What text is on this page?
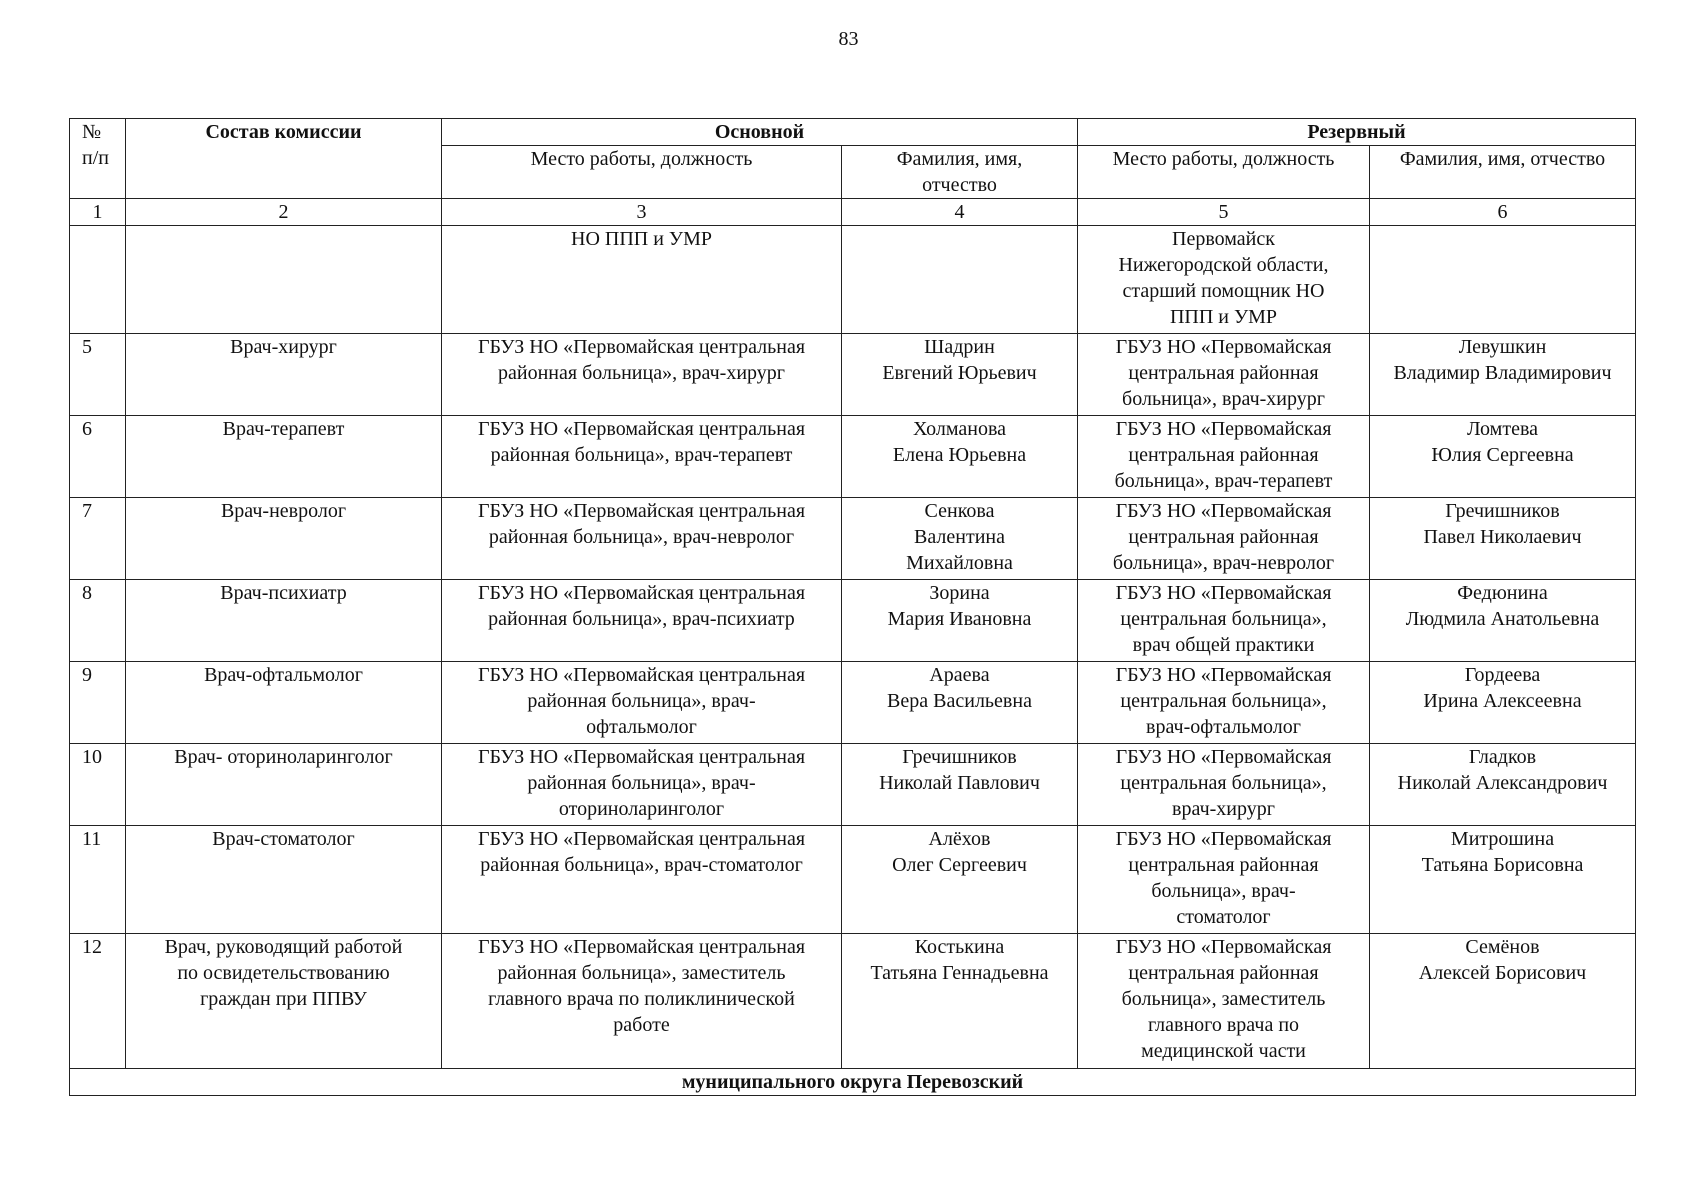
83
№
п/п	Состав комиссии	Основной		Резервный	
		Место работы, должность	Фамилия, имя,
отчество	Место работы, должность	Фамилия, имя, отчество
1	2	3	4	5	6
		НО ППП и УМР		Первомайск
Нижегородской области,
старший помощник НО
ППП и УМР	

5	Врач-хирург	ГБУЗ НО «Первомайская центральная
районная больница», врач-хирург	Шадрин
Евгений Юрьевич	ГБУЗ НО «Первомайская
центральная районная
больница», врач-хирург	Левушкин
Владимир Владимирович

6	Врач-терапевт	ГБУЗ НО «Первомайская центральная
районная больница», врач-терапевт	Холманова
Елена Юрьевна	ГБУЗ НО «Первомайская
центральная районная
больница», врач-терапевт	Ломтева
Юлия Сергеевна

7	Врач-невролог	ГБУЗ НО «Первомайская центральная
районная больница», врач-невролог	Сенкова
Валентина
Михайловна	ГБУЗ НО «Первомайская
центральная районная
больница», врач-невролог	Гречишников
Павел Николаевич

8	Врач-психиатр	ГБУЗ НО «Первомайская центральная
районная больница», врач-психиатр	Зорина
Мария Ивановна	ГБУЗ НО «Первомайская
центральная больница»,
врач общей практики	Федюнина
Людмила Анатольевна

9	Врач-офтальмолог	ГБУЗ НО «Первомайская центральная
районная больница», врач-
офтальмолог	Араева
Вера Васильевна	ГБУЗ НО «Первомайская
центральная больница»,
врач-офтальмолог	Гордеева
Ирина Алексеевна

10	Врач- оториноларинголог	ГБУЗ НО «Первомайская центральная
районная больница», врач-
оториноларинголог	Гречишников
Николай Павлович	ГБУЗ НО «Первомайская
центральная больница»,
врач-хирург	Гладков
Николай Александрович

11	Врач-стоматолог	ГБУЗ НО «Первомайская центральная
районная больница», врач-стоматолог	Алёхов
Олег Сергеевич	ГБУЗ НО «Первомайская
центральная районная
больница», врач-
стоматолог	Митрошина
Татьяна Борисовна

12	Врач, руководящий работой
по освидетельствованию
граждан при ППВУ	ГБУЗ НО «Первомайская центральная
районная больница», заместитель
главного врача по поликлинической
работе	Костькина
Татьяна Геннадьевна	ГБУЗ НО «Первомайская
центральная районная
больница», заместитель
главного врача по
медицинской части	Семёнов
Алексей Борисович

муниципального округа Перевозский					
